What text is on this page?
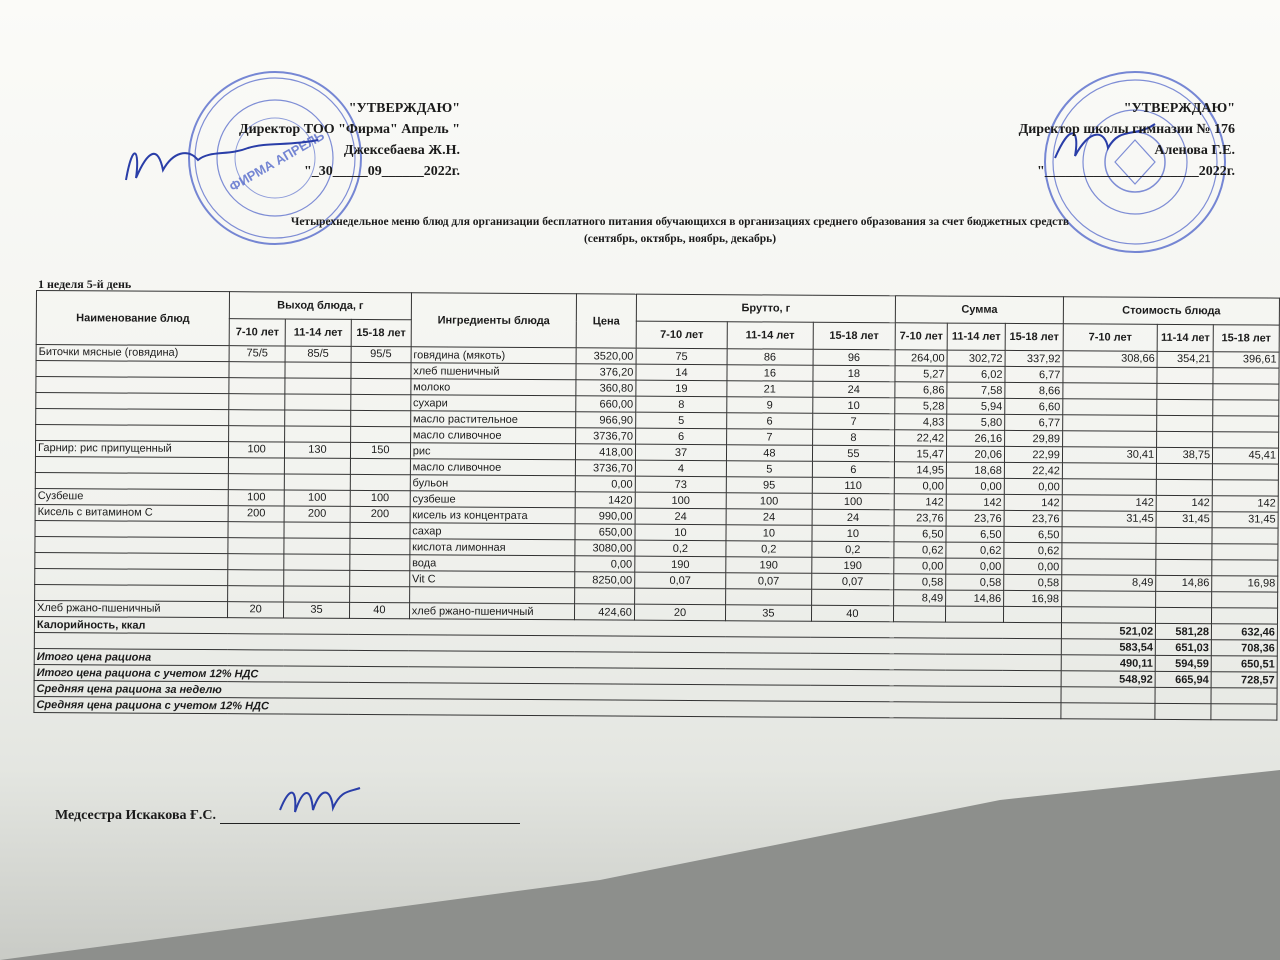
ФИРМА АПРЕЛЬ
"УТВЕРЖДАЮ"
Директор ТОО "Фирма" Апрель "
Джексебаева Ж.Н.
"_30_____09______2022г.
"УТВЕРЖДАЮ"
Директор школы гимназии № 176
Аленова Г.Е.
"______________________2022г.
Четырехнедельное меню блюд для организации бесплатного питания обучающихся в организациях среднего образования за счет бюджетных средств
(сентябрь, октябрь, ноябрь, декабрь)
1 неделя 5-й день
Наименование блюд	Выход блюда, г			Ингредиенты блюда	Цена	Брутто, г			Сумма			Стоимость блюда		
	7-10 лет	11-14 лет	15-18 лет			7-10 лет	11-14 лет	15-18 лет	7-10 лет	11-14 лет	15-18 лет	7-10 лет	11-14 лет	15-18 лет
Биточки мясные (говядина)	75/5	85/5	95/5	говядина (мякоть)	3520,00	75	86	96	264,00	302,72	337,92	308,66	354,21	396,61
				хлеб пшеничный	376,20	14	16	18	5,27	6,02	6,77			
				молоко	360,80	19	21	24	6,86	7,58	8,66			
				сухари	660,00	8	9	10	5,28	5,94	6,60			
				масло растительное	966,90	5	6	7	4,83	5,80	6,77			
				масло сливочное	3736,70	6	7	8	22,42	26,16	29,89			
Гарнир: рис припущенный	100	130	150	рис	418,00	37	48	55	15,47	20,06	22,99	30,41	38,75	45,41
				масло сливочное	3736,70	4	5	6	14,95	18,68	22,42			
				бульон	0,00	73	95	110	0,00	0,00	0,00			
Сузбеше	100	100	100	сузбеше	1420	100	100	100	142	142	142	142	142	142
Кисель с витамином С	200	200	200	кисель из концентрата	990,00	24	24	24	23,76	23,76	23,76	31,45	31,45	31,45
				сахар	650,00	10	10	10	6,50	6,50	6,50			
				кислота лимонная	3080,00	0,2	0,2	0,2	0,62	0,62	0,62			
				вода	0,00	190	190	190	0,00	0,00	0,00			
				Vit C	8250,00	0,07	0,07	0,07	0,58	0,58	0,58	8,49	14,86	16,98
									8,49	14,86	16,98			
Хлеб ржано-пшеничный	20	35	40	хлеб ржано-пшеничный	424,60	20	35	40						
Калорийность, ккал												521,02	581,28	632,46
												583,54	651,03	708,36
Итого цена рациона												490,11	594,59	650,51
Итого цена рациона с учетом 12% НДС												548,92	665,94	728,57
Средняя цена рациона за неделю														
Средняя цена рациона с учетом 12% НДС														
Медсестра Искакова Ғ.С.
